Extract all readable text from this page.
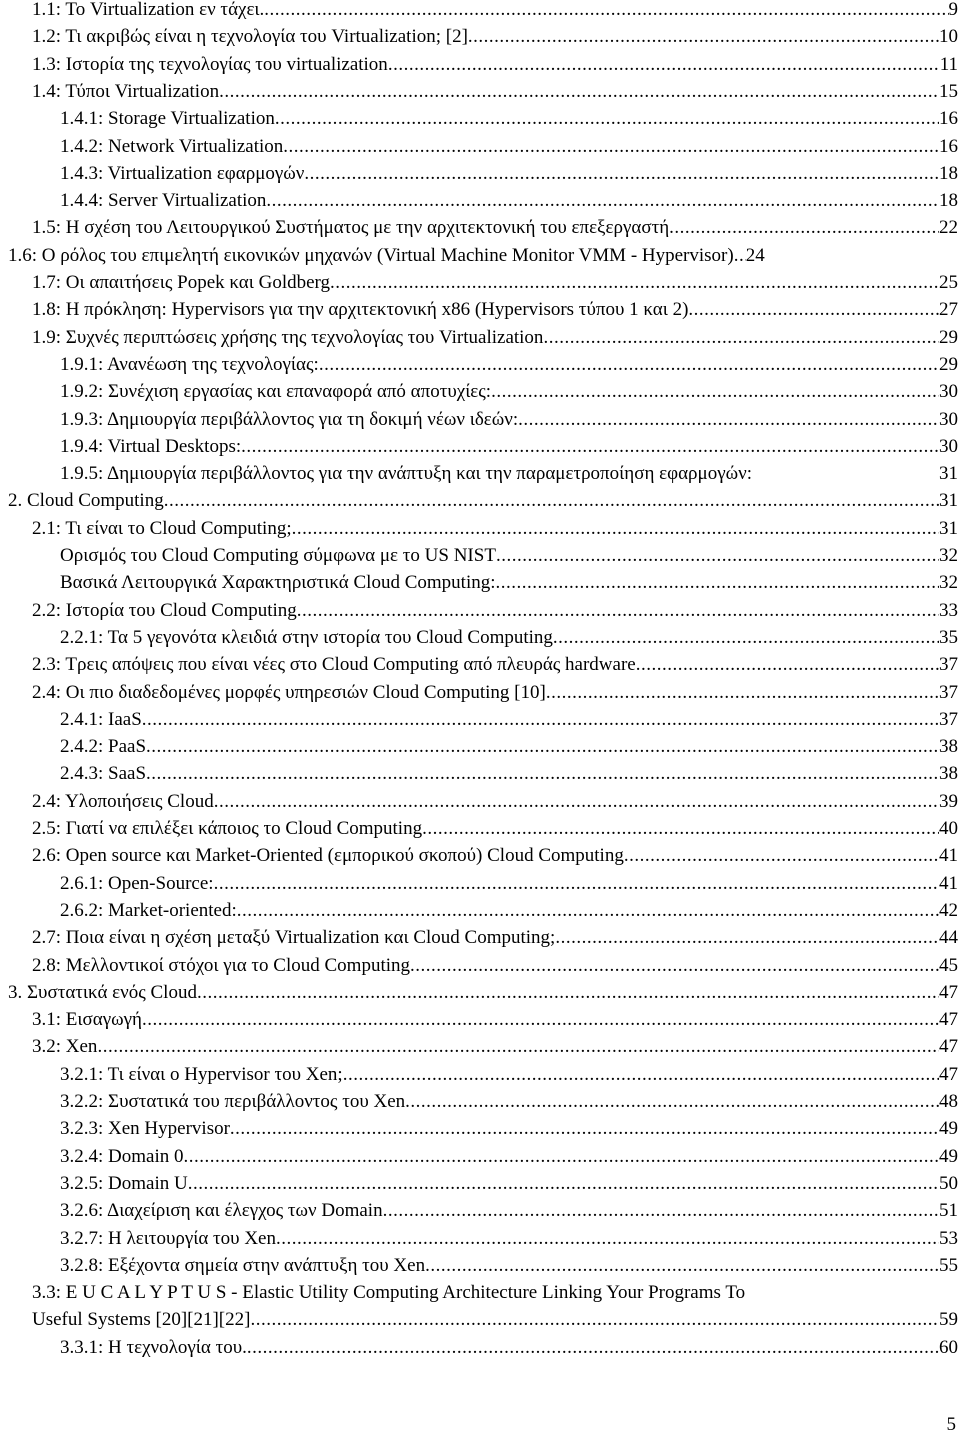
1.1: Το Virtualization εν τάχει. .....	9
1.2: Τι ακριβώς είναι η τεχνολογία του Virtualization; [2] .....	10
1.3: Ιστορία της τεχνολογίας του virtualization .....	11
1.4: Τύποι Virtualization .....	15
1.4.1: Storage Virtualization .....	16
1.4.2: Network Virtualization .....	16
1.4.3: Virtualization εφαρμογών .....	18
1.4.4: Server Virtualization .....	18
1.5: Η σχέση του Λειτουργικού Συστήματος με την αρχιτεκτονική του επεξεργαστή .....	22
1.6: Ο ρόλος του επιμελητή εικονικών μηχανών (Virtual Machine Monitor VMM - Hypervisor) ..... 24
1.7: Οι απαιτήσεις Popek και Goldberg .....	25
1.8: Η πρόκληση: Hypervisors για την αρχιτεκτονική x86 (Hypervisors τύπου 1 και 2) .....	27
1.9: Συχνές περιπτώσεις χρήσης της τεχνολογίας του Virtualization .....	29
1.9.1: Ανανέωση της τεχνολογίας: .....	29
1.9.2: Συνέχιση εργασίας και επαναφορά από αποτυχίες: .....	30
1.9.3: Δημιουργία περιβάλλοντος για τη δοκιμή νέων ιδεών: .....	30
1.9.4: Virtual Desktops: .....	30
1.9.5: Δημιουργία περιβάλλοντος για την ανάπτυξη και την παραμετροποίηση εφαρμογών:	31
2. Cloud Computing .....	31
2.1: Τι είναι το Cloud Computing; .....	31
Ορισμός του Cloud Computing σύμφωνα με το US NIST .....	32
Βασικά Λειτουργικά Χαρακτηριστικά Cloud Computing: .....	32
2.2: Ιστορία του Cloud Computing .....	33
2.2.1: Τα 5 γεγονότα κλειδιά στην ιστορία του Cloud Computing .....	35
2.3: Τρεις απόψεις που είναι νέες στο Cloud Computing από πλευράς hardware .....	37
2.4: Οι πιο διαδεδομένες μορφές υπηρεσιών Cloud Computing [10] .....	37
2.4.1: IaaS .....	37
2.4.2: PaaS .....	38
2.4.3: SaaS .....	38
2.4: Υλοποιήσεις Cloud .....	39
2.5: Γιατί να επιλέξει κάποιος το Cloud Computing .....	40
2.6: Open source και Market-Oriented (εμπορικού σκοπού) Cloud Computing .....	41
2.6.1: Open-Source: .....	41
2.6.2: Market-oriented: .....	42
2.7: Ποια είναι η σχέση μεταξύ Virtualization και Cloud Computing; .....	44
2.8: Μελλοντικοί στόχοι για το Cloud Computing .....	45
3. Συστατικά ενός Cloud .....	47
3.1: Εισαγωγή .....	47
3.2: Xen .....	47
3.2.1: Τι είναι ο Hypervisor του Xen; .....	47
3.2.2: Συστατικά του περιβάλλοντος του Xen .....	48
3.2.3: Xen Hypervisor .....	49
3.2.4: Domain 0 .....	49
3.2.5: Domain U .....	50
3.2.6: Διαχείριση και έλεγχος των Domain .....	51
3.2.7: Η λειτουργία του Xen .....	53
3.2.8: Εξέχοντα σημεία στην ανάπτυξη του Xen .....	55
3.3: E U C A L Y P T U S - Elastic Utility Computing Architecture Linking Your Programs To
Useful Systems [20][21][22] .....	59
3.3.1: Η τεχνολογία του. .....	60
5
